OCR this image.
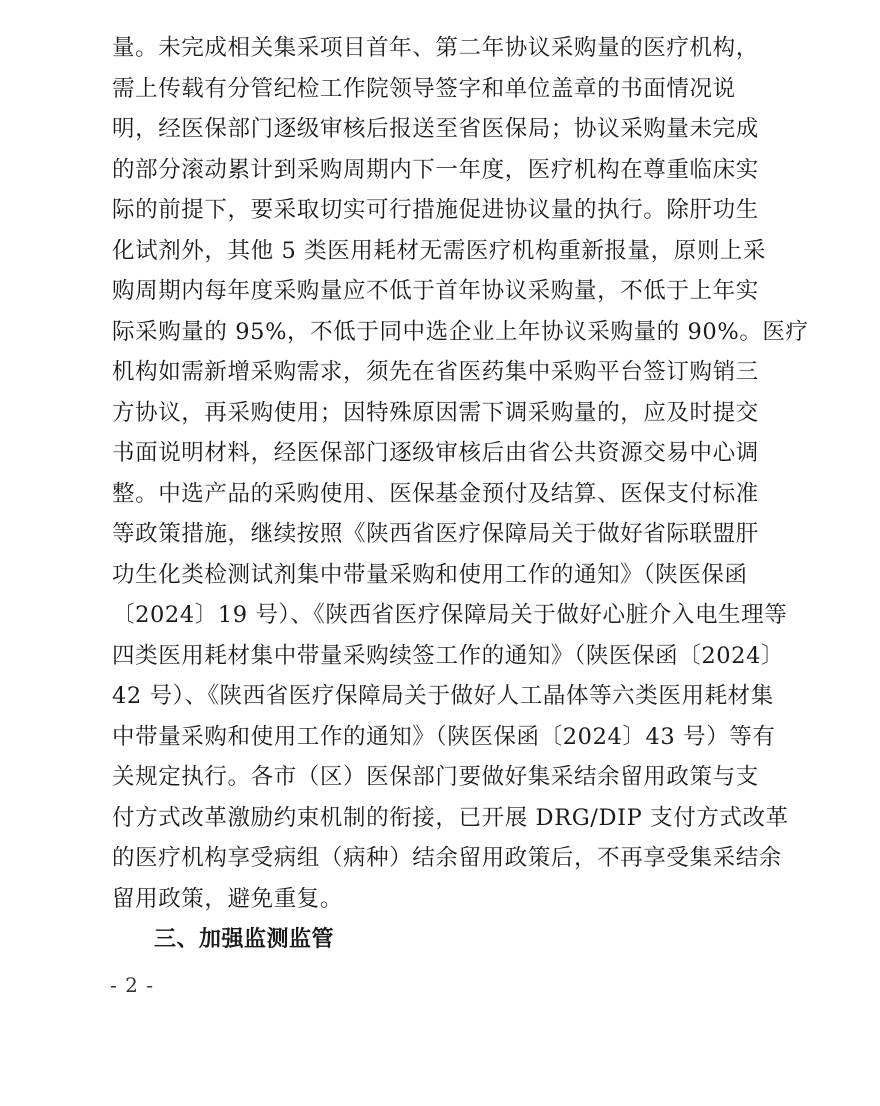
量。未完成相关集采项目首年、第二年协议采购量的医疗机构，
需上传载有分管纪检工作院领导签字和单位盖章的书面情况说
明，经医保部门逐级审核后报送至省医保局；协议采购量未完成
的部分滚动累计到采购周期内下一年度，医疗机构在尊重临床实
际的前提下，要采取切实可行措施促进协议量的执行。除肝功生
化试剂外，其他 5 类医用耗材无需医疗机构重新报量，原则上采
购周期内每年度采购量应不低于首年协议采购量，不低于上年实
际采购量的 95%，不低于同中选企业上年协议采购量的 90%。医疗
机构如需新增采购需求，须先在省医药集中采购平台签订购销三
方协议，再采购使用；因特殊原因需下调采购量的，应及时提交
书面说明材料，经医保部门逐级审核后由省公共资源交易中心调
整。中选产品的采购使用、医保基金预付及结算、医保支付标准
等政策措施，继续按照《陕西省医疗保障局关于做好省际联盟肝
功生化类检测试剂集中带量采购和使用工作的通知》（陕医保函
〔2024〕19 号）、《陕西省医疗保障局关于做好心脏介入电生理等
四类医用耗材集中带量采购续签工作的通知》（陕医保函〔2024〕
42 号）、《陕西省医疗保障局关于做好人工晶体等六类医用耗材集
中带量采购和使用工作的通知》（陕医保函〔2024〕43 号）等有
关规定执行。各市（区）医保部门要做好集采结余留用政策与支
付方式改革激励约束机制的衔接，已开展 DRG/DIP 支付方式改革
的医疗机构享受病组（病种）结余留用政策后，不再享受集采结余
留用政策，避免重复。
三、加强监测监管
- 2 -
